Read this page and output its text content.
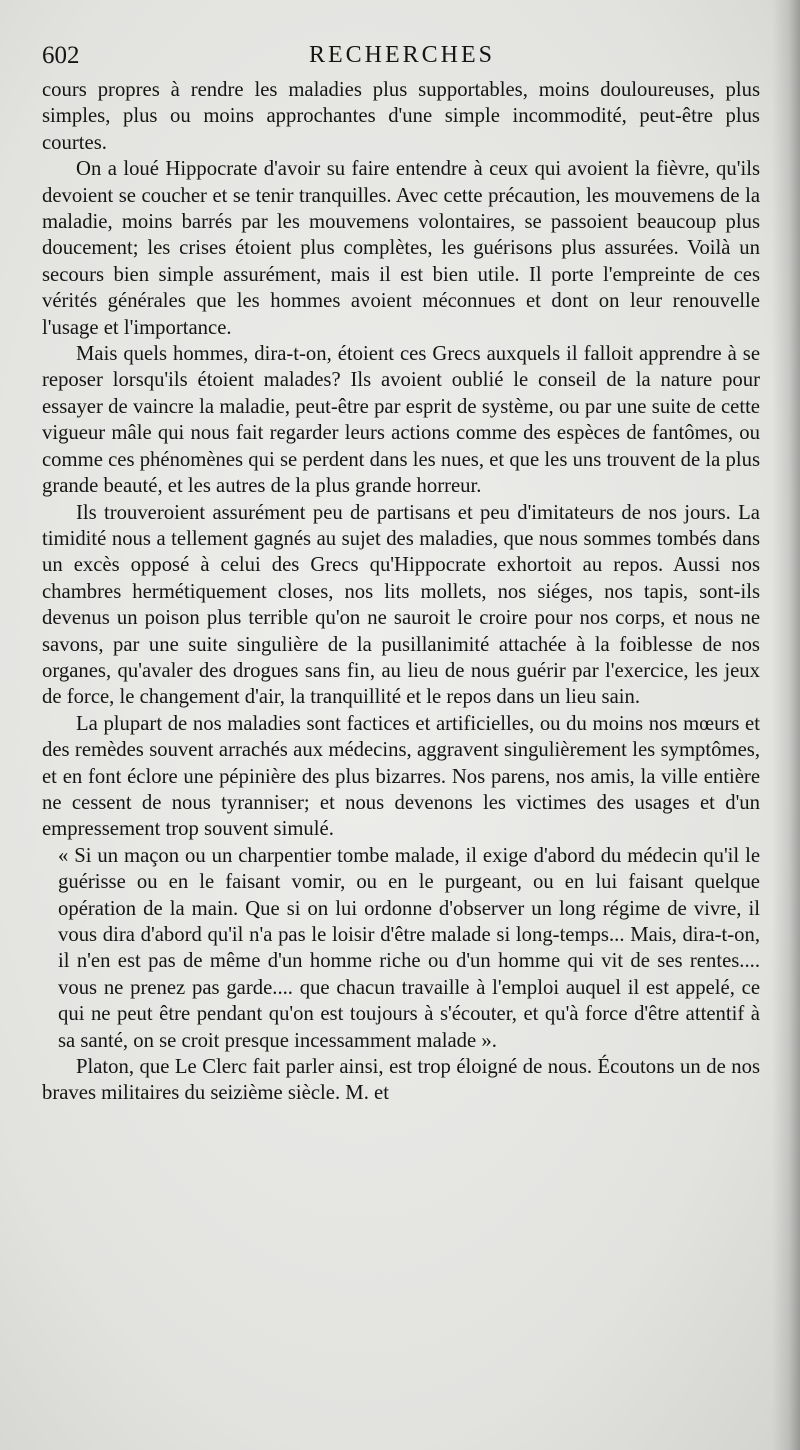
602	RECHERCHES

cours propres à rendre les maladies plus supportables, moins douloureuses, plus simples, plus ou moins approchantes d'une simple incommodité, peut-être plus courtes.

On a loué Hippocrate d'avoir su faire entendre à ceux qui avoient la fièvre, qu'ils devoient se coucher et se tenir tranquilles. Avec cette précaution, les mouvemens de la maladie, moins barrés par les mouvemens volontaires, se passoient beaucoup plus doucement; les crises étoient plus complètes, les guérisons plus assurées. Voilà un secours bien simple assurément, mais il est bien utile. Il porte l'empreinte de ces vérités générales que les hommes avoient méconnues et dont on leur renouvelle l'usage et l'importance.

Mais quels hommes, dira-t-on, étoient ces Grecs auxquels il falloit apprendre à se reposer lorsqu'ils étoient malades? Ils avoient oublié le conseil de la nature pour essayer de vaincre la maladie, peut-être par esprit de système, ou par une suite de cette vigueur mâle qui nous fait regarder leurs actions comme des espèces de fantômes, ou comme ces phénomènes qui se perdent dans les nues, et que les uns trouvent de la plus grande beauté, et les autres de la plus grande horreur.

Ils trouveroient assurément peu de partisans et peu d'imitateurs de nos jours. La timidité nous a tellement gagnés au sujet des maladies, que nous sommes tombés dans un excès opposé à celui des Grecs qu'Hippocrate exhortoit au repos. Aussi nos chambres hermétiquement closes, nos lits mollets, nos siéges, nos tapis, sont-ils devenus un poison plus terrible qu'on ne sauroit le croire pour nos corps, et nous ne savons, par une suite singulière de la pusillanimité attachée à la foiblesse de nos organes, qu'avaler des drogues sans fin, au lieu de nous guérir par l'exercice, les jeux de force, le changement d'air, la tranquillité et le repos dans un lieu sain.

La plupart de nos maladies sont factices et artificielles, ou du moins nos mœurs et des remèdes souvent arrachés aux médecins, aggravent singulièrement les symptômes, et en font éclore une pépinière des plus bizarres. Nos parens, nos amis, la ville entière ne cessent de nous tyranniser; et nous devenons les victimes des usages et d'un empressement trop souvent simulé.

« Si un maçon ou un charpentier tombe malade, il exige d'abord du médecin qu'il le guérisse ou en le faisant vomir, ou en le purgeant, ou en lui faisant quelque opération de la main. Que si on lui ordonne d'observer un long régime de vivre, il vous dira d'abord qu'il n'a pas le loisir d'être malade si long-temps... Mais, dira-t-on, il n'en est pas de même d'un homme riche ou d'un homme qui vit de ses rentes.... vous ne prenez pas garde.... que chacun travaille à l'emploi auquel il est appelé, ce qui ne peut être pendant qu'on est toujours à s'écouter, et qu'à force d'être attentif à sa santé, on se croit presque incessamment malade ».

Platon, que Le Clerc fait parler ainsi, est trop éloigné de nous. Écoutons un de nos braves militaires du seizième siècle. M. et
